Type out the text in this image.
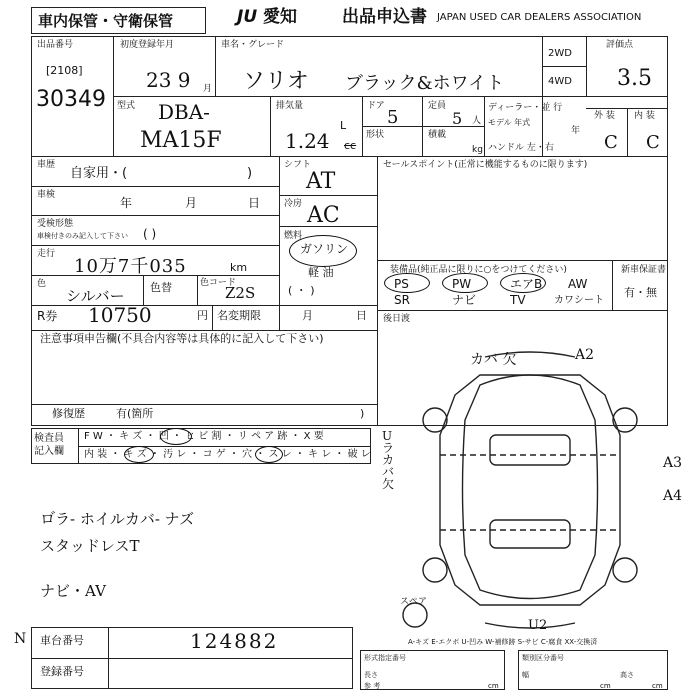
車内保管・守衛保管	JU 愛知	出品申込書 JAPAN USED CAR DEALERS ASSOCIATION
出品番号
[2108]
30349
初度登録年月
23 9 月
車名・グレード
ソリオ ブラック&ホワイト
2WD
4WD
評価点
3.5
型式 DBA-
MA15F
排気量
1.24
L
cc
ドア
5
定員
5 人
形状	積載
kg
ディーラー・並 行
モデル 年式
年
ハンドル 左・右
外 装 内 装
C C
車歴
自家用・(	)
車検
年	月	日
受検形態
車検付きのみ記入して下さい ( )
走行
10万7千035	km
色
シルバー 色替	色コード
Z2S
R券 10750	円 名変期限	月	日
シフト
AT
冷房 AC
燃料
ガソリン
軽 油
( ・ )
セールスポイント(正常に機能するものに限ります)
装備品(純正品に限りに○をつけてください)
PS	PW	エアB AW
SR	ナビ	TV	カワシート
新車保証書
有・無
後日渡
注意事項申告欄(不具合内容等は具体的に記入して下さい)
修復歴	有(箇所	)
検査員 記入欄
F W ・ キ ズ ・ 凹 ・ ヒ ビ 割 ・ リ ペ ア 跡 ・ X 要
内 装 ・ キ ズ ・ 汚 レ ・ コ ゲ ・ 穴 ・ ス レ ・ キ レ ・ 破 レ
ロ゙ラ- ホイルカバ- ナズ
スタッドレスT
ナビ・AV
カバ 欠	A2
Uラ カバ 欠
A3
A4
U2
スペア
A-キズ E-エクボ U-凹み W-補修跡 S-サビ C-腐食 XX-交換済
N 車台番号	124882
登録番号
形式指定番号	類別区分番号
長さ
参 考
幅	高さ
cm	cm	cm
